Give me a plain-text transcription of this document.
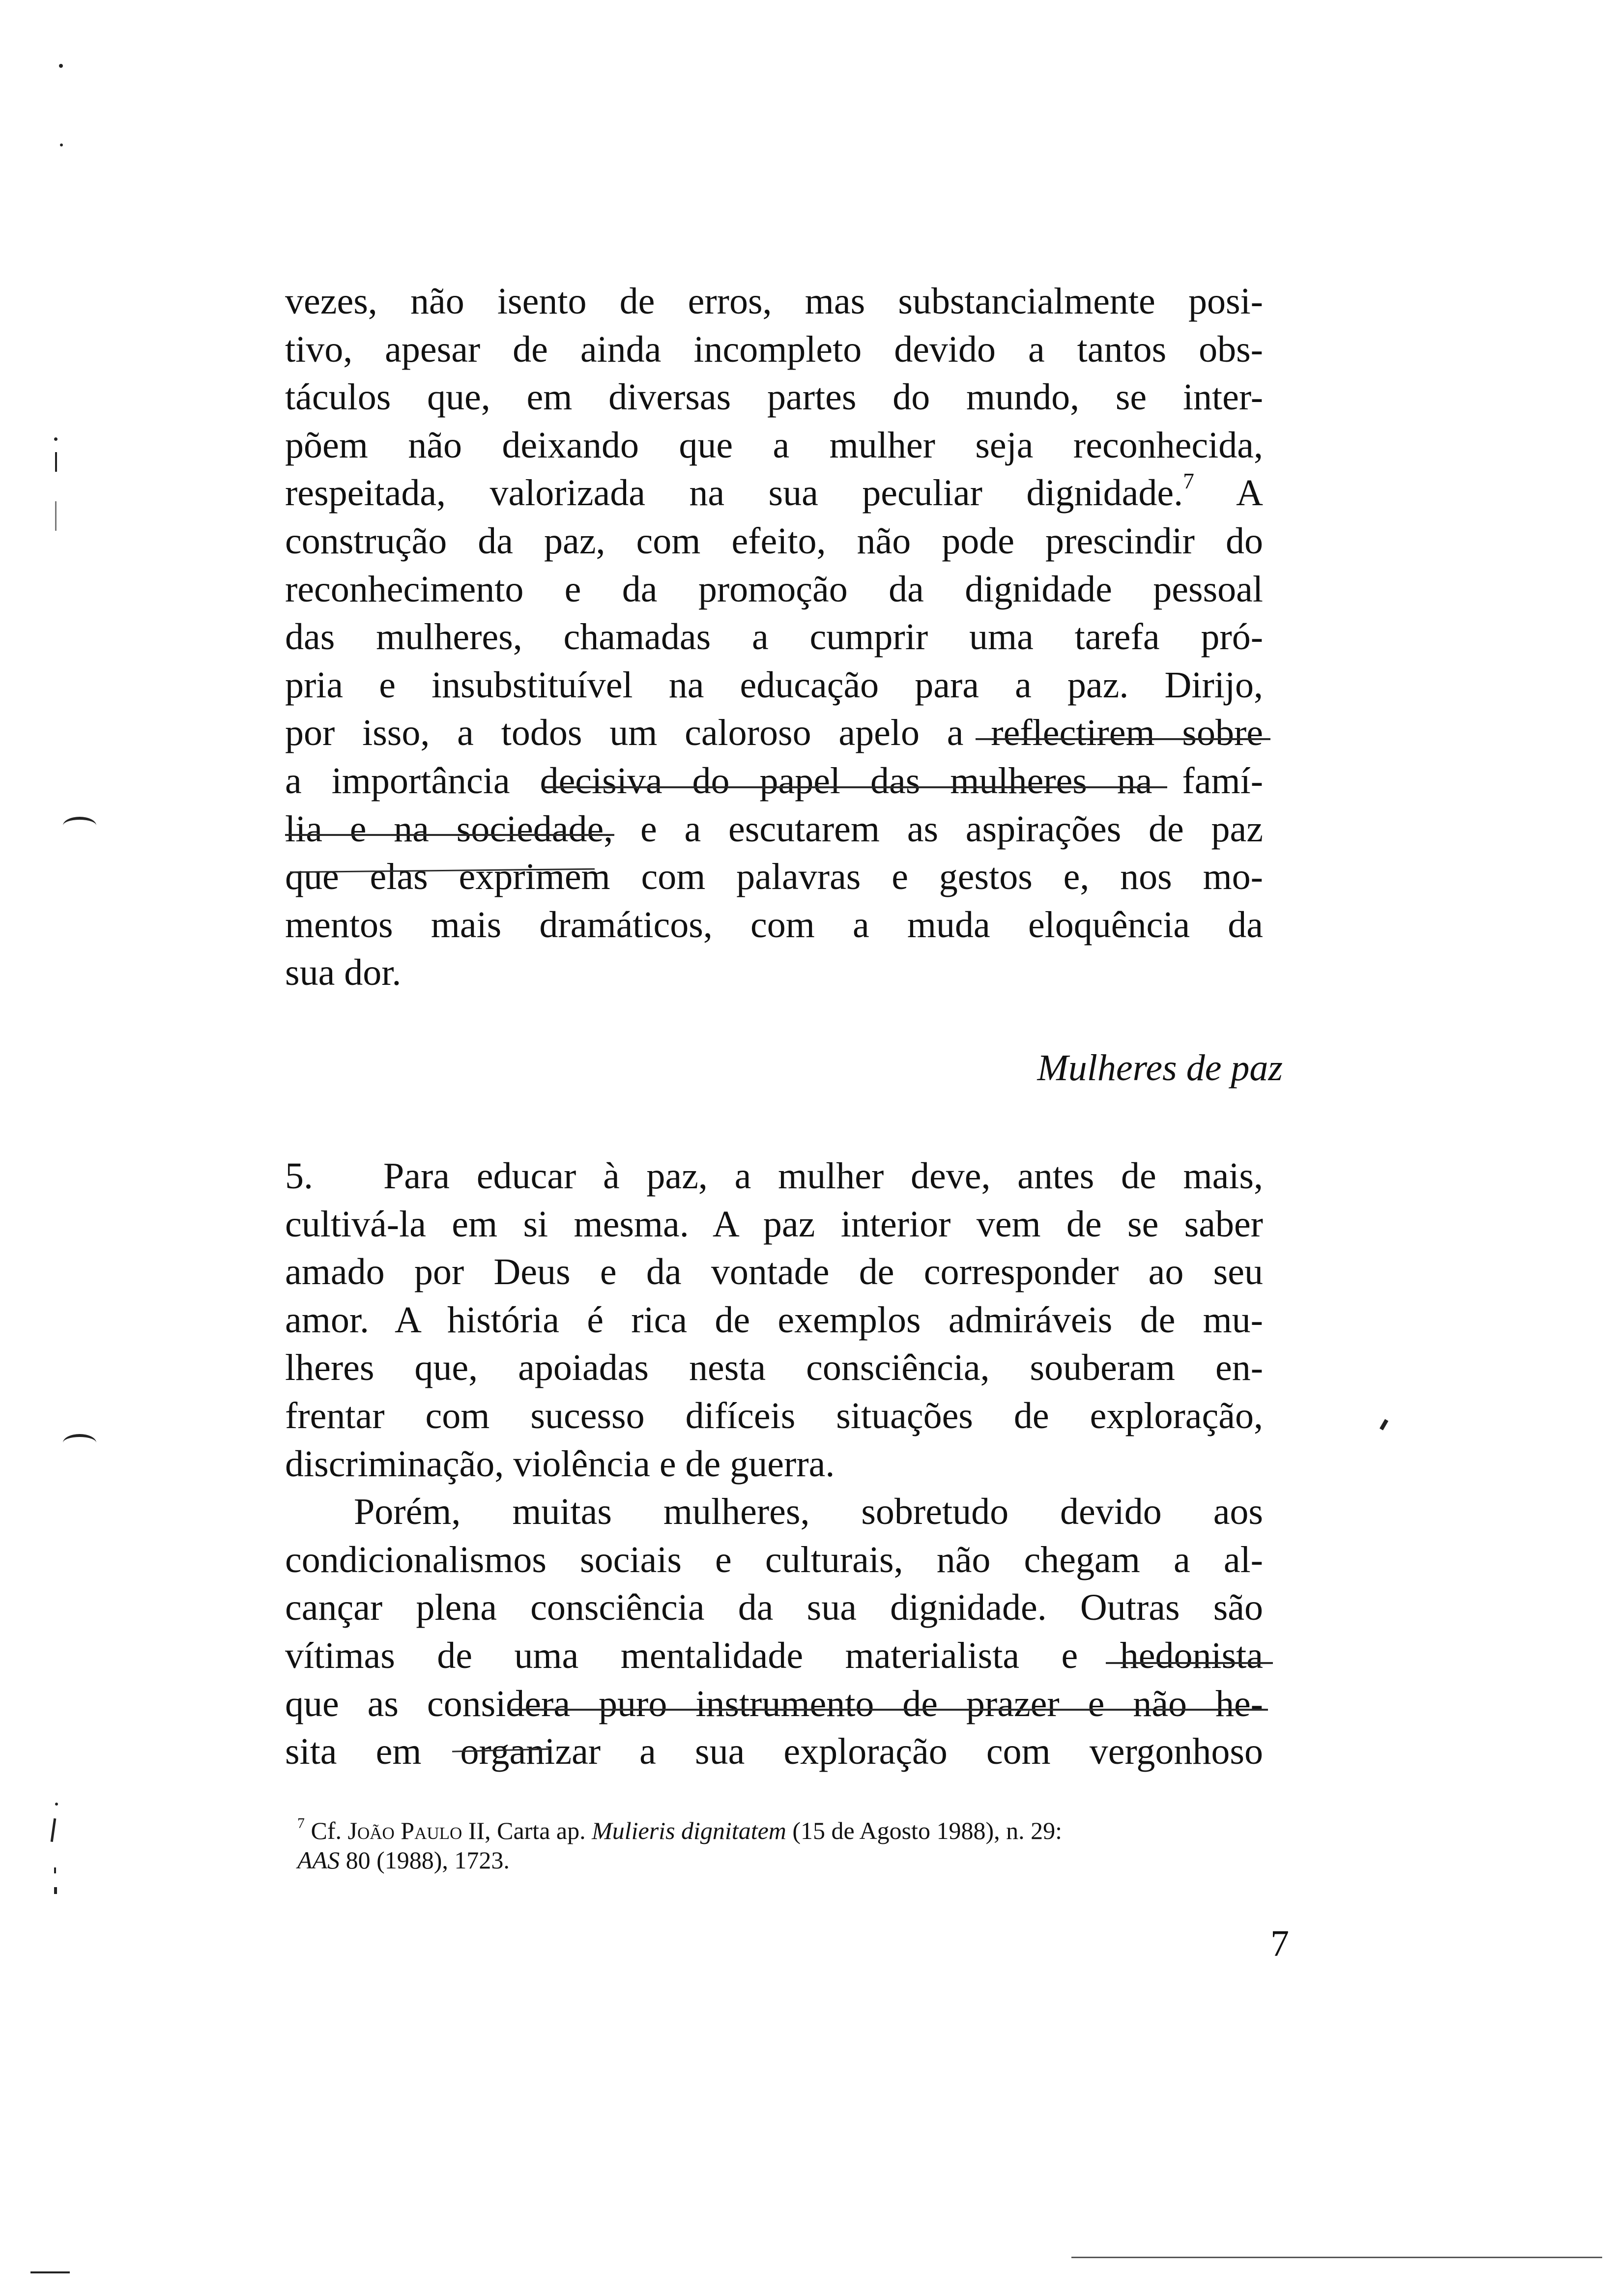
vezes, não isento de erros, mas substancialmente posi-
tivo, apesar de ainda incompleto devido a tantos obs-
táculos que, em diversas partes do mundo, se inter-
põem não deixando que a mulher seja reconhecida,
respeitada, valorizada na sua peculiar dignidade.$^7$ A
construção da paz, com efeito, não pode prescindir do
reconhecimento e da promoção da dignidade pessoal
das mulheres, chamadas a cumprir uma tarefa pró-
pria e insubstituível na educação para a paz. Dirijo,
por isso, a todos um caloroso apelo a reflectirem sobre
a importância decisiva do papel das mulheres na famí-
lia e na sociedade, e a escutarem as aspirações de paz
que elas exprimem com palavras e gestos e, nos mo-
mentos mais dramáticos, com a muda eloquência da
sua dor.
Mulheres de paz
5. Para educar à paz, a mulher deve, antes de mais,
cultivá-la em si mesma. A paz interior vem de se saber
amado por Deus e da vontade de corresponder ao seu
amor. A história é rica de exemplos admiráveis de mu-
lheres que, apoiadas nesta consciência, souberam en-
frentar com sucesso difíceis situações de exploração,
discriminação, violência e de guerra.
Porém, muitas mulheres, sobretudo devido aos
condicionalismos sociais e culturais, não chegam a al-
cançar plena consciência da sua dignidade. Outras são
vítimas de uma mentalidade materialista e hedonista
que as considera puro instrumento de prazer e não he-
sita em organizar a sua exploração com vergonhoso
$^7$ Cf. João Paulo II, Carta ap. Mulieris dignitatem (15 de Agosto 1988), n. 29:
AAS 80 (1988), 1723.
7
